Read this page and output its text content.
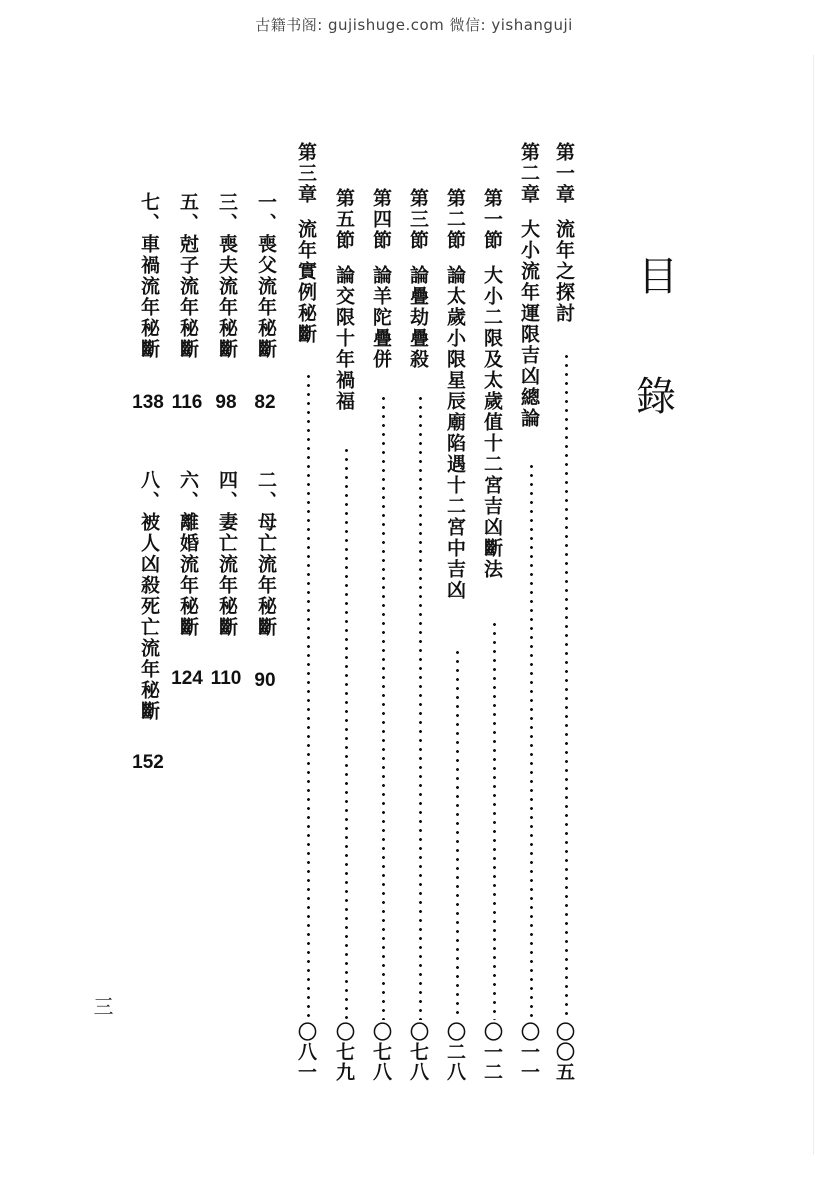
古籍书阁: gujishuge.com 微信: yishanguji
目
錄
第一章流年之探討
〇〇五
第二章大小流年運限吉凶總論
〇一一
第一節大小二限及太歲值十二宮吉凶斷法
〇一二
第二節論太歲小限星辰廟陷遇十二宮中吉凶
〇二八
第三節論疊劫疊殺
〇七八
第四節論羊陀疊併
〇七八
第五節論交限十年禍福
〇七九
第三章流年實例秘斷
〇八一
一、喪父流年秘斷
82
三、喪夫流年秘斷
98
五、尅子流年秘斷
116
七、車禍流年秘斷
138
二、母亡流年秘斷
90
四、妻亡流年秘斷
110
六、離婚流年秘斷
124
八、被人凶殺死亡流年秘斷
152
三
